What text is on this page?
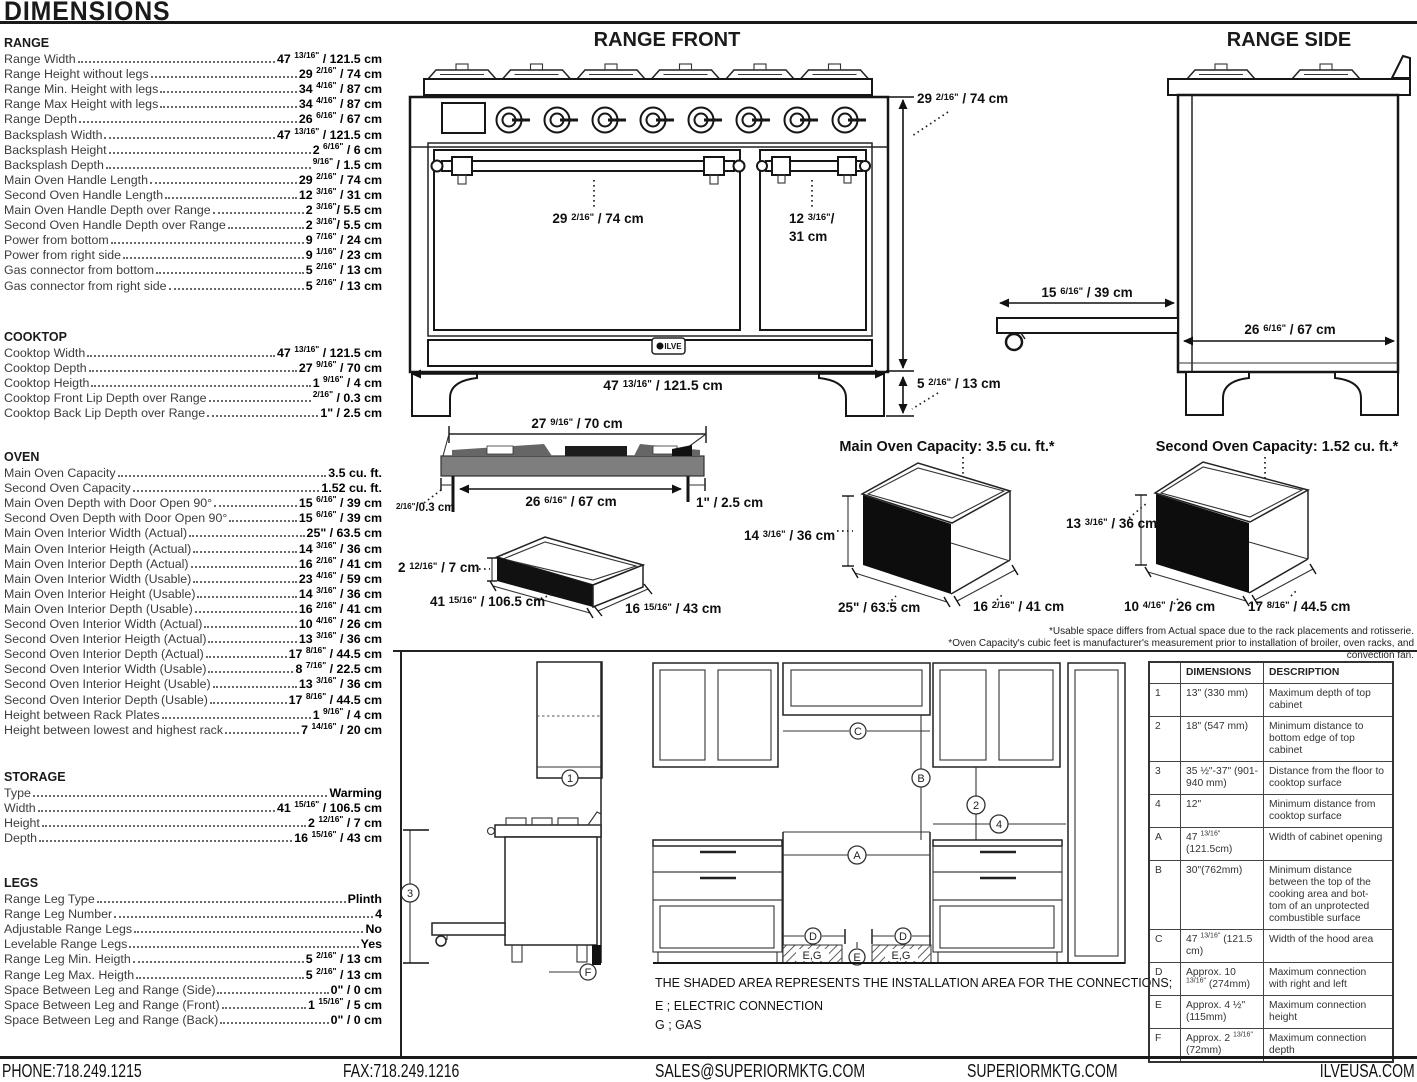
DIMENSIONS
RANGE
Range Width	47 $^{13/16"}$ / 121.5 cm
Range Height without legs	29 $^{2/16"}$ / 74 cm
Range Min. Height with legs	34 $^{4/16"}$ / 87 cm
Range Max Height with legs	34 $^{4/16"}$ / 87 cm
Range Depth	26 $^{6/16"}$ / 67 cm
Backsplash Width	47 $^{13/16"}$ / 121.5 cm
Backsplash Height	2 $^{6/16"}$ / 6 cm
Backsplash Depth	$^{9/16"}$ / 1.5 cm
Main Oven Handle Length	29 $^{2/16"}$ / 74 cm
Second Oven Handle Length	12 $^{3/16"}$ / 31 cm
Main Oven Handle Depth over Range	2 $^{3/16"}$/ 5.5 cm
Second Oven Handle Depth over Range	2 $^{3/16"}$/ 5.5 cm
Power from bottom	9 $^{7/16"}$ / 24 cm
Power from right side	9 $^{1/16"}$ / 23 cm
Gas connector from bottom	5 $^{2/16"}$ / 13 cm
Gas connector from right side	5 $^{2/16"}$ / 13 cm
COOKTOP
Cooktop Width	47 $^{13/16"}$ / 121.5 cm
Cooktop Depth	27 $^{9/16"}$ / 70 cm
Cooktop Heigth	1 $^{9/16"}$ / 4 cm
Cooktop Front Lip Depth over Range	$^{2/16"}$ / 0.3 cm
Cooktop Back Lip Depth over Range	1" / 2.5 cm
OVEN
Main Oven Capacity	3.5 cu. ft.
Second Oven Capacity	1.52 cu. ft.
Main Oven Depth with Door Open 90°	15 $^{6/16"}$ / 39 cm
Second Oven Depth with Door Open 90°	15 $^{6/16"}$ / 39 cm
Main Oven Interior Width (Actual)	25" / 63.5 cm
Main Oven Interior Heigth (Actual)	14 $^{3/16"}$ / 36 cm
Main Oven Interior Depth (Actual)	16 $^{2/16"}$ / 41 cm
Main Oven Interior Width (Usable)	23 $^{4/16"}$ / 59 cm
Main Oven Interior Height (Usable)	14 $^{3/16"}$ / 36 cm
Main Oven Interior Depth (Usable)	16 $^{2/16"}$ / 41 cm
Second Oven Interior Width (Actual)	10 $^{4/16"}$ / 26 cm
Second Oven Interior Heigth (Actual)	13 $^{3/16"}$ / 36 cm
Second Oven Interior Depth (Actual)	17 $^{8/16"}$ / 44.5 cm
Second Oven Interior Width (Usable)	8 $^{7/16"}$ / 22.5 cm
Second Oven Interior Height (Usable)	13 $^{3/16"}$ / 36 cm
Second Oven Interior Depth (Usable)	17 $^{8/16"}$ / 44.5 cm
Height between Rack Plates	1 $^{9/16"}$ / 4 cm
Height between lowest and highest rack	7 $^{14/16"}$ / 20 cm
STORAGE
Type	Warming
Width	41 $^{15/16"}$ / 106.5 cm
Height	2 $^{12/16"}$ / 7 cm
Depth	16 $^{15/16"}$ / 43 cm
LEGS
Range Leg Type	Plinth
Range Leg Number	4
Adjustable Range Legs	No
Levelable Range Legs	Yes
Range Leg Min. Heigth	5 $^{2/16"}$ / 13 cm
Range Leg Max. Heigth	5 $^{2/16"}$ / 13 cm
Space Between Leg and Range (Side)	0" / 0 cm
Space Between Leg and Range (Front)	1 $^{15/16"}$ / 5 cm
Space Between Leg and Range (Back)	0" / 0 cm
RANGE FRONT	RANGE SIDE
ILVE
29 2/16" / 74 cm	12 3/16"/
31 cm
47 13/16" / 121.5 cm
29 2/16" / 74 cm
5 2/16" / 13 cm
15 6/16" / 39 cm
26 6/16" / 67 cm
27 9/16" / 70 cm
26 6/16" / 67 cm	1" / 2.5 cm
2/16"/0.3 cm
2 12/16" / 7 cm
41 15/16" / 106.5 cm	16 15/16" / 43 cm
Main Oven Capacity: 3.5 cu. ft.*
14 3/16" / 36 cm
25" / 63.5 cm	16 2/16" / 41 cm
Second Oven Capacity: 1.52 cu. ft.*
13 3/16" / 36 cm
10 4/16" / 26 cm 17 8/16" / 44.5 cm
*Usable space differs from Actual space due to the rack placements and rotisserie.
*Oven Capacity's cubic feet is manufacturer's measurement prior to installation of broiler, oven racks, and convection fan.
1
F
3
C
B
2
4
A
E,G	E,G
D	D
E
THE SHADED AREA REPRESENTS THE INSTALLATION AREA FOR THE CONNECTIONS;
E ; ELECTRIC CONNECTION
G ; GAS
	DIMENSIONS	DESCRIPTION
1	13" (330 mm)	Maximum depth of top cabinet
2	18" (547 mm)	Minimum distance to bottom edge of top cabinet
3	35 ½"-37" (901-940 mm)	Distance from the floor to cooktop surface
4	12"	Minimum distance from cooktop surface
A	47 $^{13/16"}$(121.5cm)	Width of cabinet opening
B	30"(762mm)	Minimum distance between the top of the cooking area and bot- tom of an unprotected combustible surface
C	47 $^{13/16"}$ (121.5 cm)	Width of the hood area
D	Approx. 10 $^{13/16"}$ (274mm)	Maximum connection with right and left
E	Approx. 4 ½" (115mm)	Maximum connection height
F	Approx. 2 $^{13/16"}$ (72mm)	Maximum connection depth
PHONE:718.249.1215	FAX:718.249.1216	SALES@SUPERIORMKTG.COM	SUPERIORMKTG.COM	ILVEUSA.COM
